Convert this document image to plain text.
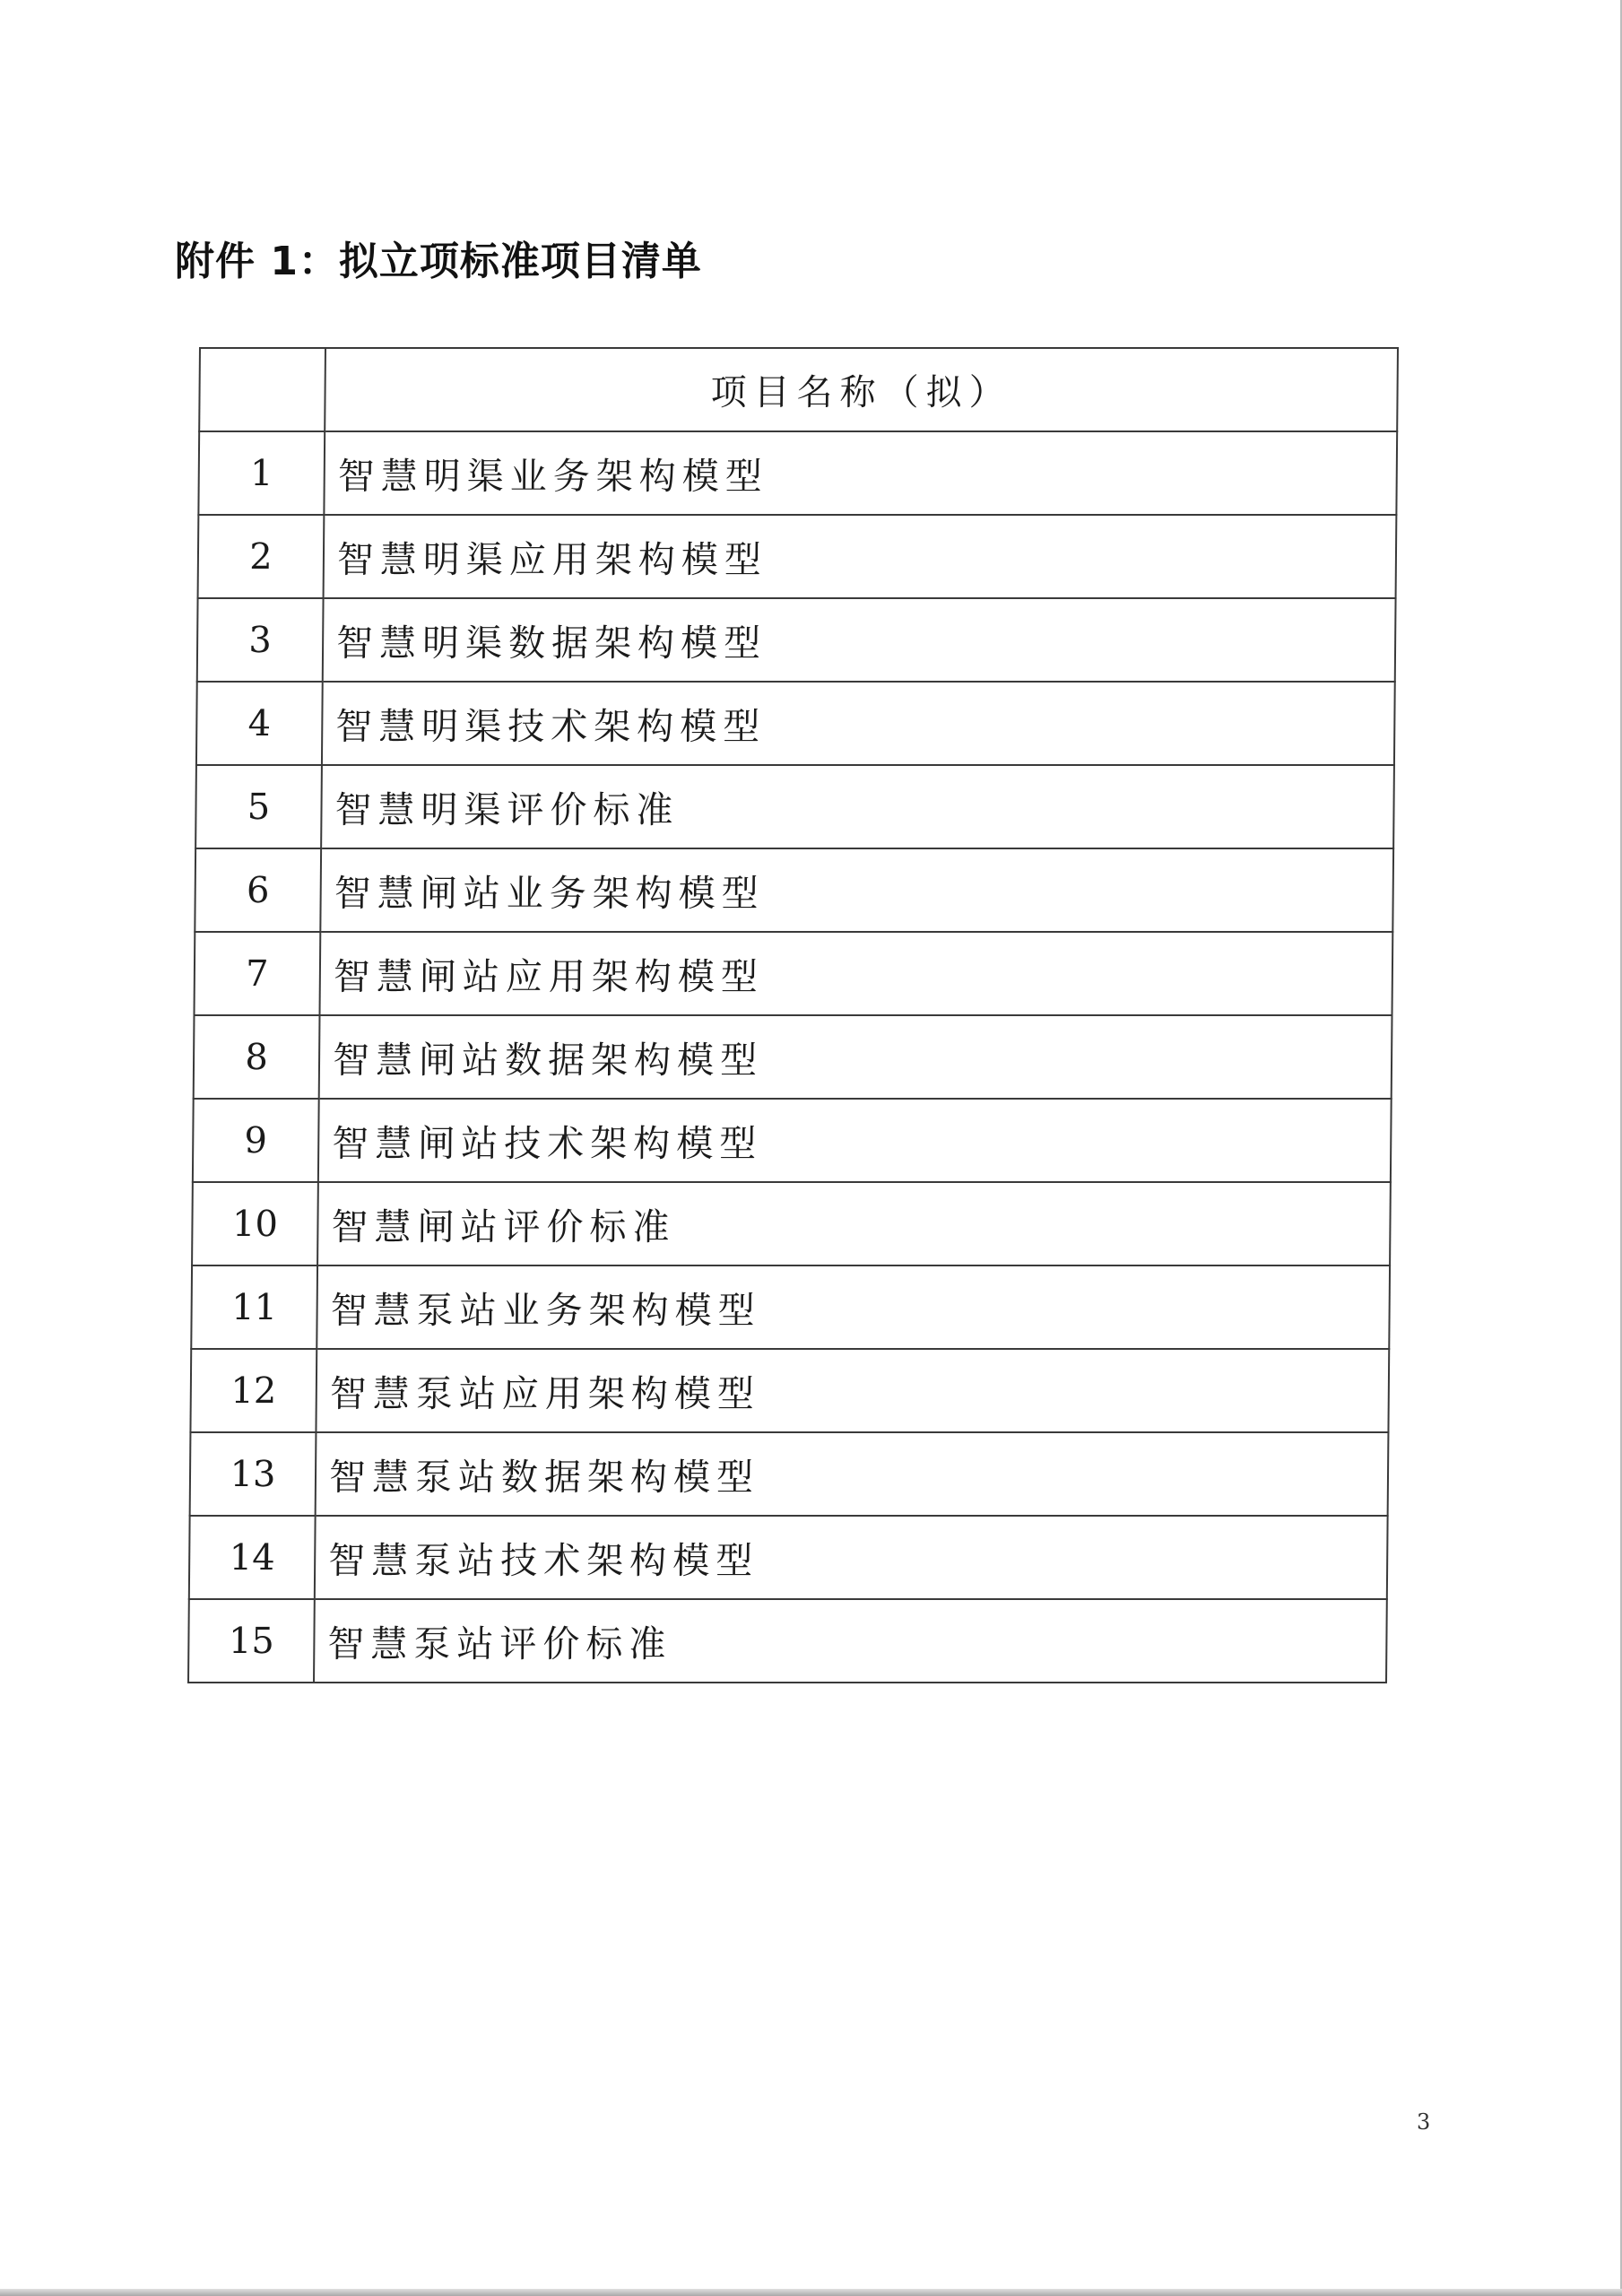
附件 1：拟立项标准项目清单
	项目名称（拟）
1	智慧明渠业务架构模型
2	智慧明渠应用架构模型
3	智慧明渠数据架构模型
4	智慧明渠技术架构模型
5	智慧明渠评价标准
6	智慧闸站业务架构模型
7	智慧闸站应用架构模型
8	智慧闸站数据架构模型
9	智慧闸站技术架构模型
10	智慧闸站评价标准
11	智慧泵站业务架构模型
12	智慧泵站应用架构模型
13	智慧泵站数据架构模型
14	智慧泵站技术架构模型
15	智慧泵站评价标准
3
